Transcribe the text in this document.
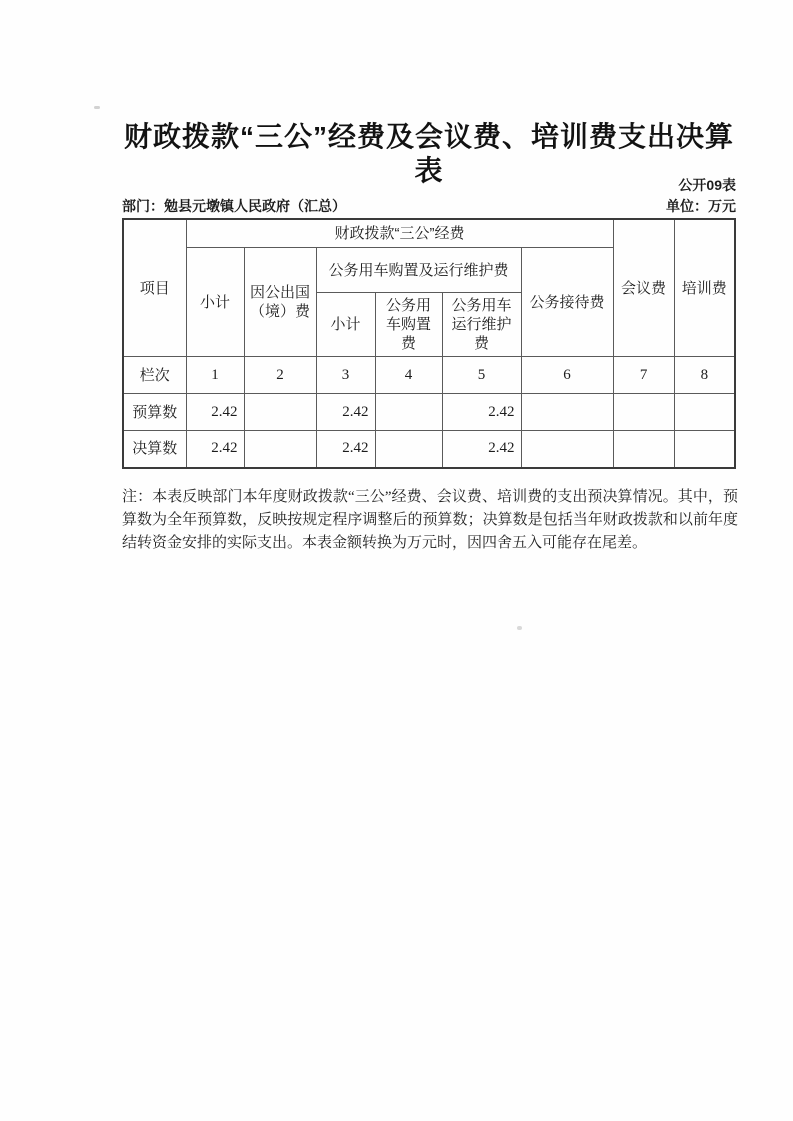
财政拨款“三公”经费及会议费、培训费支出决算表	公开09表
部门：勉县元墩镇人民政府（汇总）	单位：万元
项目	财政拨款“三公”经费						会议费	培训费
	小计	因公出国（境）费	公务用车购置及运行维护费			公务接待费		
			小计	公务用车购置费	公务用车运行维护费			
栏次	1	2	3	4	5	6	7	8
预算数	2.42		2.42		2.42			
决算数	2.42		2.42		2.42			

注：本表反映部门本年度财政拨款“三公”经费、会议费、培训费的支出预决算情况。其中，预算数为全年预算数，反映按规定程序调整后的预算数；决算数是包括当年财政拨款和以前年度结转资金安排的实际支出。本表金额转换为万元时，因四舍五入可能存在尾差。
